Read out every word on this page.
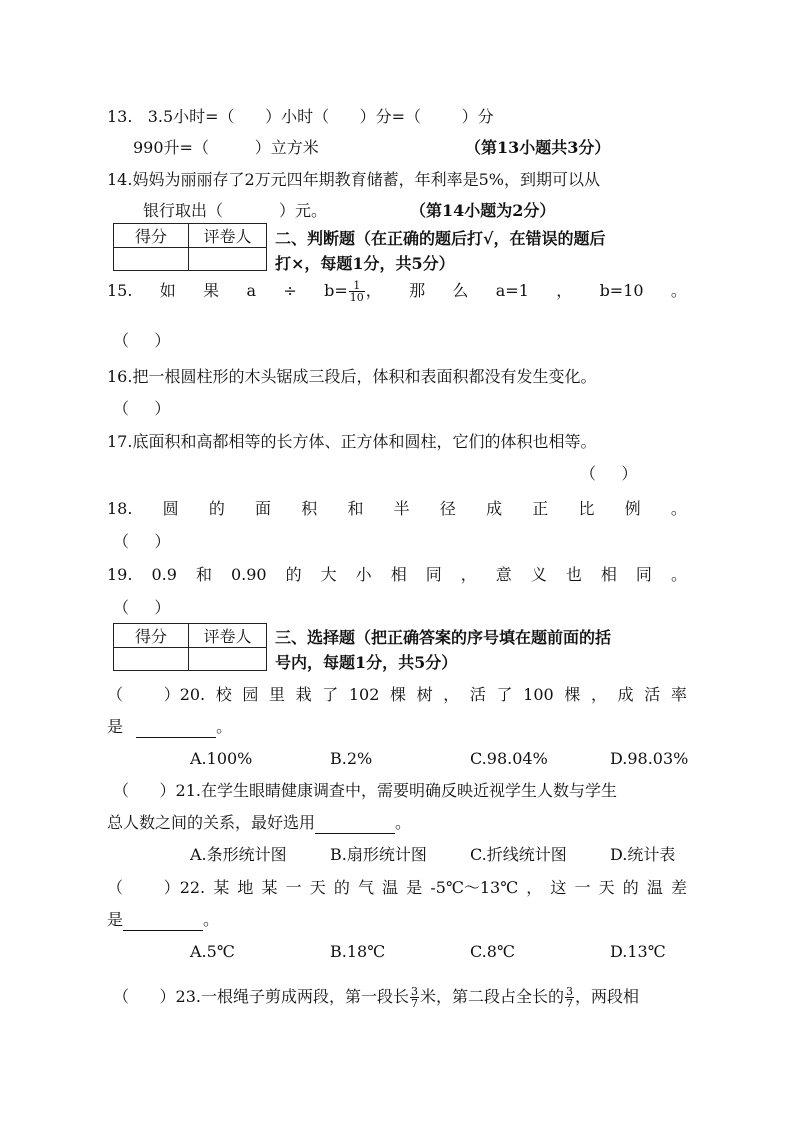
13.   3.5小时=（      ）小时（      ）分=（        ）分
990升=（         ）立方米	（第13小题共3分）
14.妈妈为丽丽存了2万元四年期教育储蓄，年利率是5%，到期可以从
银行取出（           ）元。	（第14小题为2分）
得分	评卷人
	二、判断题（在正确的题后打√，在错误的题后
打×，每题1分，共5分）
15. 如 果 $a \div b= \frac{1}{10}$ ， 那 么 a=1 ， b=10 。
（     ）
16.把一根圆柱形的木头锯成三段后，体积和表面积都没有发生变化。
（     ）
17.底面积和高都相等的长方体、正方体和圆柱，它们的体积也相等。
（     ）
18. 圆 的 面 积 和 半 径 成 正 比 例 。
（     ）
19. 0.9 和 0.90 的 大 小 相 同 ， 意 义 也 相 同 。
（     ）
得分	评卷人
	三、选择题（把正确答案的序号填在题前面的括
号内，每题1分，共5分）
（        ）20. 校 园 里 栽 了 102 棵 树 ， 活 了 100 棵 ， 成 活 率
是	。
A.100%	B.2%	C.98.04%	D.98.03%
（      ）21.在学生眼睛健康调查中，需要明确反映近视学生人数与学生
总人数之间的关系，最好选用	。
A.条形统计图	B.扇形统计图	C.折线统计图	D.统计表
（        ）22. 某 地 某 一 天 的 气 温 是 -5℃～13℃ ， 这 一 天 的 温 差
是	。
A.5℃	B.18℃	C.8℃	D.13℃
（      ）23.一根绳子剪成两段，第一段长 $\frac{3}{7}$ 米，第二段占全长的 $\frac{3}{7}$ ，两段相
